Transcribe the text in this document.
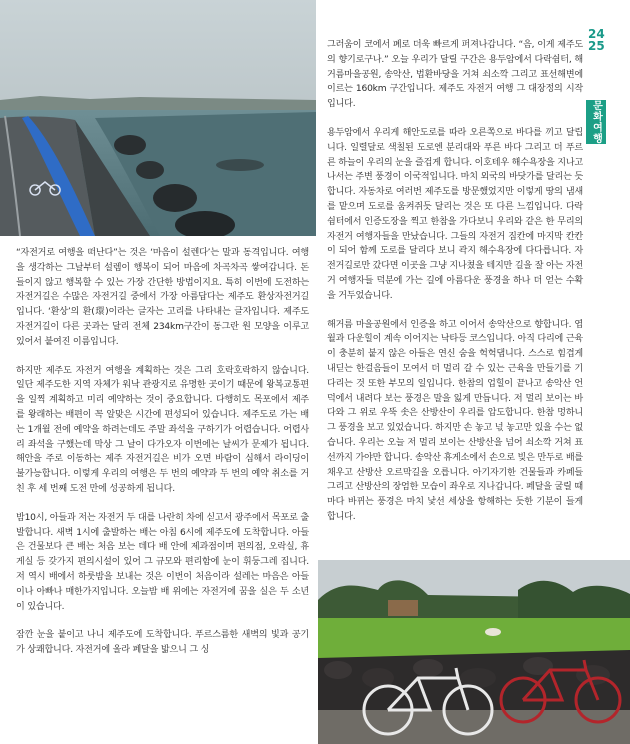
“자전거로 여행을 떠난다”는 것은 ‘마음이 설렌다’는 말과 동격입니다. 여행을 생각하는 그날부터 설렘이 행복이 되어 마음에 차곡차곡 쌓여갑니다. 돈 들이지 않고 행복할 수 있는 가장 간단한 방법이지요. 특히 이번에 도전하는 자전거길은 수많은 자전거길 중에서 가장 아름답다는 제주도 환상자전거길입니다. ‘환상’의 환(環)이라는 글자는 고리를 나타내는 글자입니다. 제주도 자전거길이 다른 곳과는 달리 전체 234km구간이 동그란 원 모양을 이루고 있어서 붙여진 이름입니다.

하지만 제주도 자전거 여행을 계획하는 것은 그리 호락호락하지 않습니다. 일단 제주도한 지역 자체가 워낙 관광지로 유명한 곳이기 때문에 왕복교통편을 일찍 계획하고 미리 예약하는 것이 중요합니다. 다행히도 목포에서 제주를 왕래하는 배편이 꼭 알맞은 시간에 편성되어 있습니다. 제주도로 가는 배는 1개월 전에 예약을 하려는데도 주말 좌석을 구하기가 어렵습니다. 어렵사리 좌석을 구했는데 막상 그 날이 다가오자 이번에는 날씨가 문제가 됩니다. 해안을 주로 이동하는 제주 자전거길은 비가 오면 바람이 심해서 라이딩이 불가능합니다. 이렇게 우리의 여행은 두 번의 예약과 두 번의 예약 취소를 거친 후 세 번째 도전 만에 성공하게 됩니다.

밤10시, 아들과 저는 자전거 두 대를 나란히 차에 싣고서 광주에서 목포로 출발합니다. 새벽 1시에 출발하는 배는 아침 6시에 제주도에 도착합니다. 아들은 건물보다 큰 배는 처음 보는 데다 배 안에 제과점이며 편의점, 오락실, 휴게실 등 갖가지 편의시설이 있어 그 규모와 편리함에 눈이 휘둥그레 집니다. 저 역시 배에서 하룻밤을 보내는 것은 이번이 처음이라 설레는 마음은 아들이나 아빠나 매한가지입니다. 오늘밤 배 위에는 자전거에 꿈을 실은 두 소년이 있습니다.

잠깐 눈을 붙이고 나니 제주도에 도착합니다. 푸르스름한 새벽의 빛과 공기가 상쾌합니다. 자전거에 올라 페달을 밟으니 그 싱

그러움이 코에서 폐로 더욱 빠르게 퍼져나갑니다. “음, 이게 제주도의 향기로구나.” 오늘 우리가 달릴 구간은 용두암에서 다락쉼터, 해거름마을공원, 송악산, 법환바당을 거쳐 쇠소깍 그리고 표선해변에 이르는 160km 구간입니다. 제주도 자전거 여행 그 대장정의 시작입니다.

용두암에서 우리게 해안도로를 따라 오른쪽으로 바다를 끼고 달립니다. 일렬달로 색칠된 도로엔 분리대와 푸른 바다 그리고 더 푸르른 하늘이 우리의 눈을 즐겁게 합니다. 이호테우 해수욕장을 지나고 나서는 주변 풍경이 이국적입니다. 마치 외국의 바닷가를 달리는 듯 합니다. 자동차로 여러번 제주도를 방문했었지만 이렇게 땅의 냄새를 맡으며 도로를 움켜쥐듯 달리는 것은 또 다른 느낌입니다. 다락쉼터에서 인증도장을 찍고 한참을 가다보니 우리와 같은 한 무리의 자전거 여행자들을 만났습니다. 그들의 자전거 짐칸에 마지막 칸칸이 되어 함께 도로를 달리다 보니 곽지 해수욕장에 다다릅니다. 자전거길로만 갔다면 이곳을 그냥 지나쳤을 테지만 길을 잘 아는 자전거 여행자들 덕분에 가는 길에 아름다운 풍경을 하나 더 얻는 수확을 거두었습니다.

해거름 마을공원에서 인증을 하고 이어서 송악산으로 향합니다. 엽월과 다운힐이 계속 이어지는 낙타등 코스입니다. 아직 다리에 근육이 충분히 붙지 않은 아들은 연신 숨을 헉헉댑니다. 스스로 힘겹게 내딛는 한걸음들이 모여서 더 멀리 갈 수 있는 근육을 만들기를 기다리는 것 또한 부모의 일입니다. 한참의 업힐이 끝나고 송악산 언덕에서 내려다 보는 풍경은 말을 잃게 만듭니다. 저 멀리 보이는 바다와 그 위로 우뚝 솟은 산방산이 우리를 압도합니다. 한참 멍하니 그 풍경을 보고 있었습니다. 하지만 손 놓고 넋 놓고만 있을 수는 없습니다. 우리는 오늘 저 멀리 보이는 산방산을 넘어 쇠소깍 거쳐 표선까지 가야만 합니다. 송악산 휴게소에서 손으로 빚은 만두로 배를 채우고 산방산 오르막길을 오릅니다. 아기자기한 건물들과 카페들 그리고 산방산의 장엄한 모습이 좌우로 지나갑니다. 페달을 굴릴 때마다 바뀌는 풍경은 마치 낯선 세상을 항해하는 듯한 기분이 들게 합니다.

24
25
문화여행
